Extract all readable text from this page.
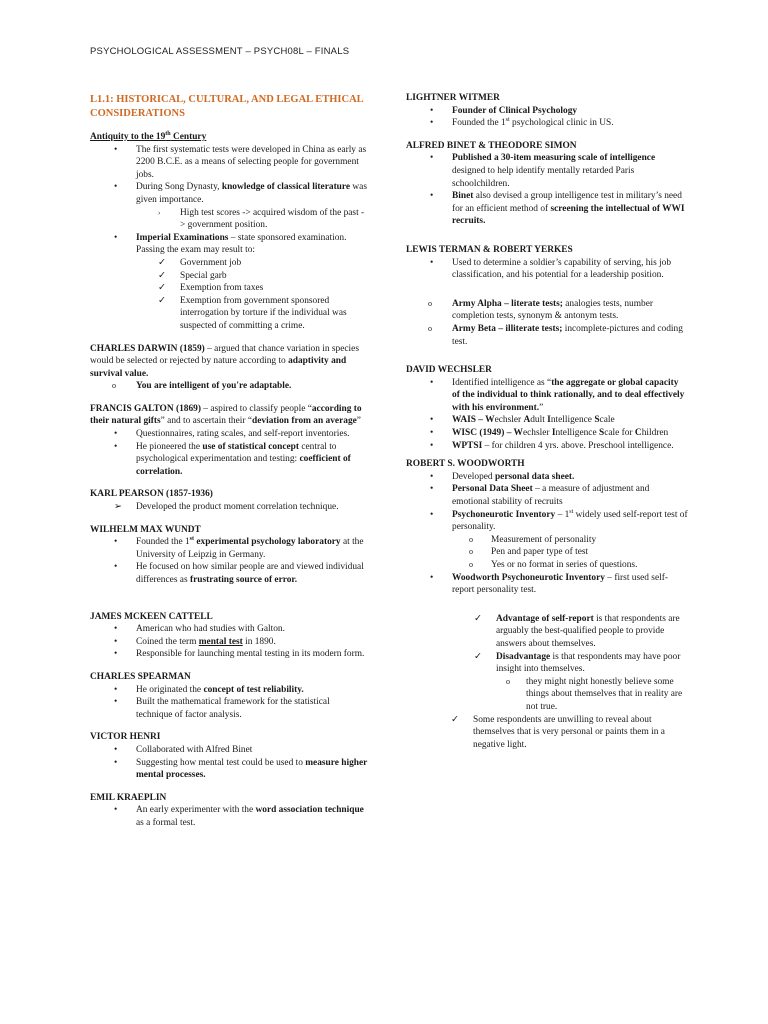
PSYCHOLOGICAL ASSESSMENT – PSYCH08L – FINALS
L1.1: HISTORICAL, CULTURAL, AND LEGAL ETHICAL CONSIDERATIONS
Antiquity to the 19th Century
• The first systematic tests were developed in China as early as 2200 B.C.E. as a means of selecting people for government jobs.
• During Song Dynasty, knowledge of classical literature was given importance.
› High test scores -> acquired wisdom of the past -> government position.
• Imperial Examinations – state sponsored examination. Passing the exam may result to:
✓ Government job
✓ Special garb
✓ Exemption from taxes
✓ Exemption from government sponsored interrogation by torture if the individual was suspected of committing a crime.
CHARLES DARWIN (1859) – argued that chance variation in species would be selected or rejected by nature according to adaptivity and survival value.
o You are intelligent of you're adaptable.
FRANCIS GALTON (1869) – aspired to classify people “according to their natural gifts” and to ascertain their “deviation from an average”
• Questionnaires, rating scales, and self-report inventories.
• He pioneered the use of statistical concept central to psychological experimentation and testing: coefficient of correlation.
KARL PEARSON (1857-1936)
➢ Developed the product moment correlation technique.
WILHELM MAX WUNDT
• Founded the 1st experimental psychology laboratory at the University of Leipzig in Germany.
• He focused on how similar people are and viewed individual differences as frustrating source of error.
JAMES MCKEEN CATTELL
• American who had studies with Galton.
• Coined the term mental test in 1890.
• Responsible for launching mental testing in its modern form.
CHARLES SPEARMAN
• He originated the concept of test reliability.
• Built the mathematical framework for the statistical technique of factor analysis.
VICTOR HENRI
• Collaborated with Alfred Binet
• Suggesting how mental test could be used to measure higher mental processes.
EMIL KRAEPLIN
• An early experimenter with the word association technique as a formal test.
LIGHTNER WITMER
• Founder of Clinical Psychology
• Founded the 1st psychological clinic in US.
ALFRED BINET & THEODORE SIMON
• Published a 30-item measuring scale of intelligence designed to help identify mentally retarded Paris schoolchildren.
• Binet also devised a group intelligence test in military’s need for an efficient method of screening the intellectual of WWI recruits.
LEWIS TERMAN & ROBERT YERKES
• Used to determine a soldier’s capability of serving, his job classification, and his potential for a leadership position.
o Army Alpha – literate tests; analogies tests, number completion tests, synonym & antonym tests.
o Army Beta – illiterate tests; incomplete-pictures and coding test.
DAVID WECHSLER
• Identified intelligence as “the aggregate or global capacity of the individual to think rationally, and to deal effectively with his environment.”
• WAIS – Wechsler Adult Intelligence Scale
• WISC (1949) – Wechsler Intelligence Scale for Children
• WPTSI – for children 4 yrs. above. Preschool intelligence.
ROBERT S. WOODWORTH
• Developed personal data sheet.
• Personal Data Sheet – a measure of adjustment and emotional stability of recruits
• Psychoneurotic Inventory – 1st widely used self-report test of personality.
o Measurement of personality
o Pen and paper type of test
o Yes or no format in series of questions.
• Woodworth Psychoneurotic Inventory – first used self-report personality test.
✓ Advantage of self-report is that respondents are arguably the best-qualified people to provide answers about themselves.
✓ Disadvantage is that respondents may have poor insight into themselves.
o they might night honestly believe some things about themselves that in reality are not true.
✓ Some respondents are unwilling to reveal about themselves that is very personal or paints them in a negative light.
